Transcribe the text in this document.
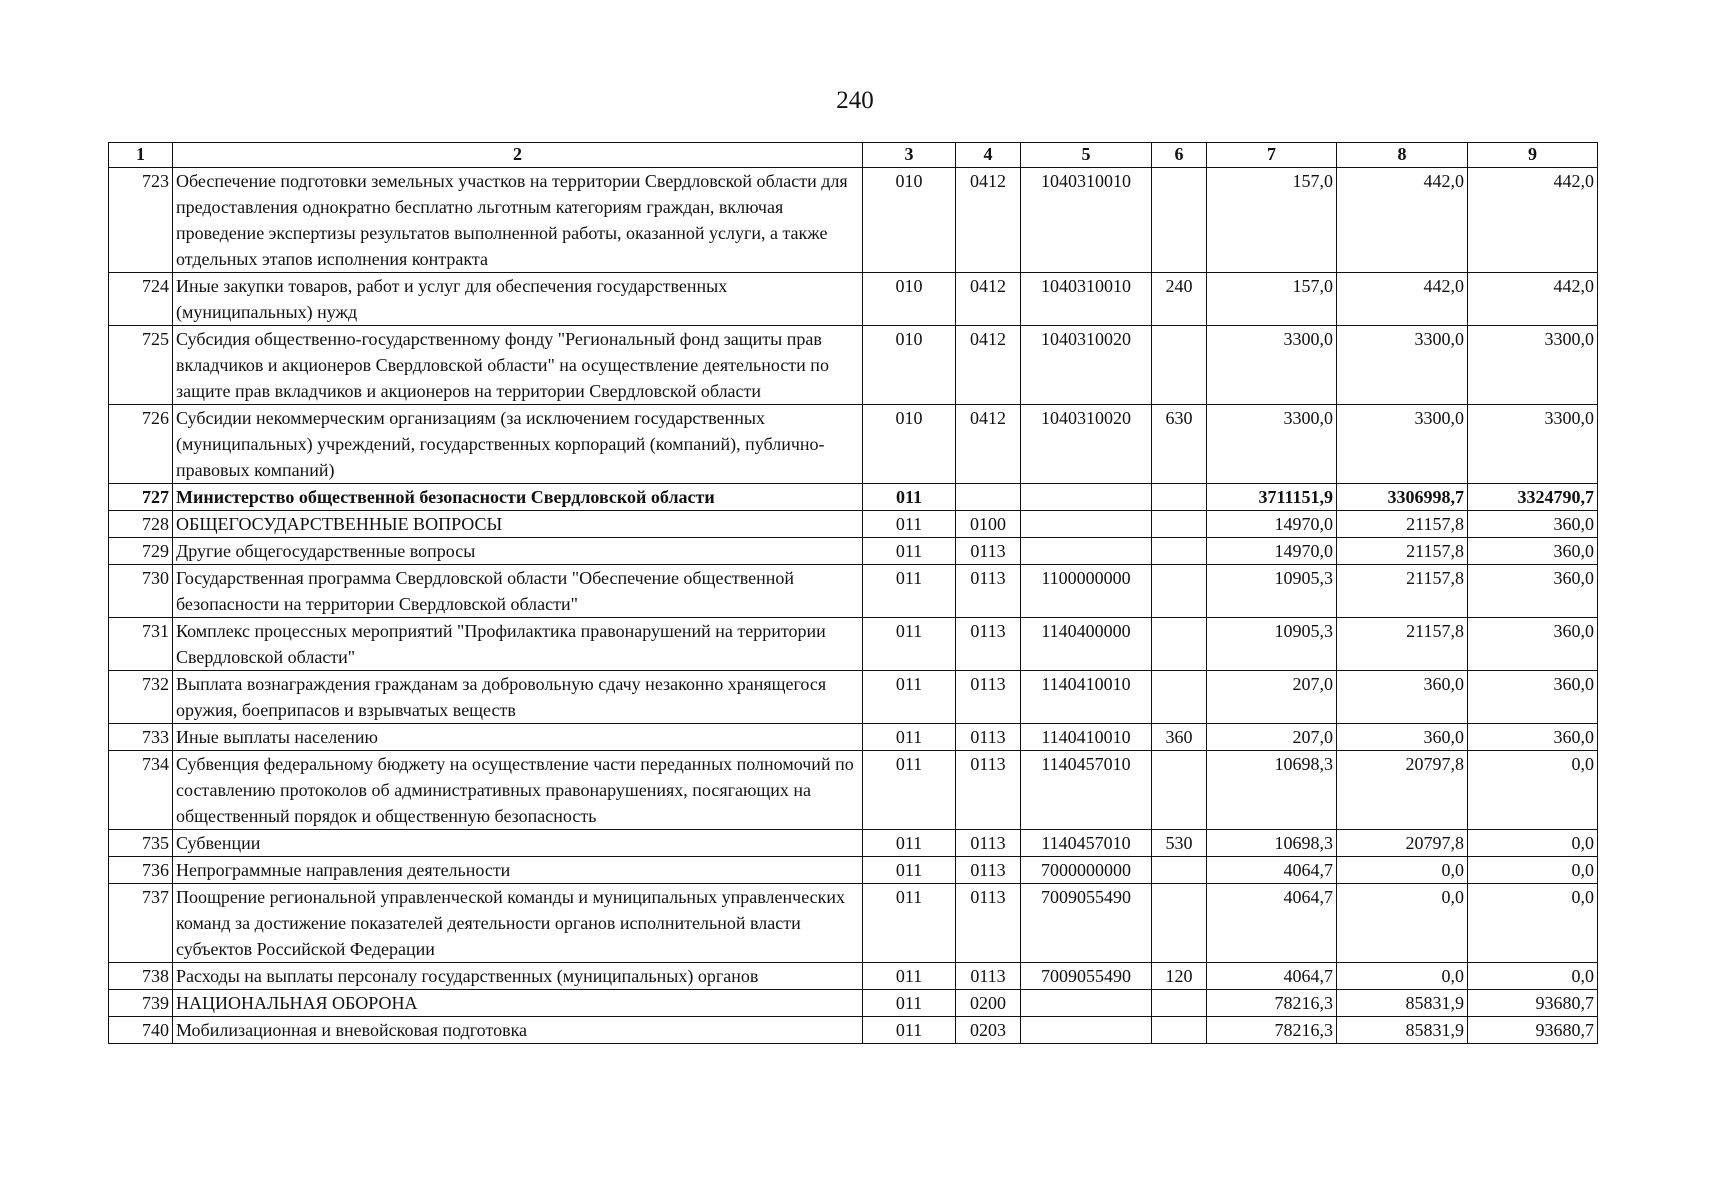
240
1	2	3	4	5	6	7	8	9
723	Обеспечение подготовки земельных участков на территории Свердловской области для предоставления однократно бесплатно льготным категориям граждан, включая проведение экспертизы результатов выполненной работы, оказанной услуги, а также отдельных этапов исполнения контракта	010	0412	1040310010		157,0	442,0	442,0
724	Иные закупки товаров, работ и услуг для обеспечения государственных (муниципальных) нужд	010	0412	1040310010	240	157,0	442,0	442,0
725	Субсидия общественно-государственному фонду "Региональный фонд защиты прав вкладчиков и акционеров Свердловской области" на осуществление деятельности по защите прав вкладчиков и акционеров на территории Свердловской области	010	0412	1040310020		3300,0	3300,0	3300,0
726	Субсидии некоммерческим организациям (за исключением государственных (муниципальных) учреждений, государственных корпораций (компаний), публично-правовых компаний)	010	0412	1040310020	630	3300,0	3300,0	3300,0
727	Министерство общественной безопасности Свердловской области	011				3711151,9	3306998,7	3324790,7
728	ОБЩЕГОСУДАРСТВЕННЫЕ ВОПРОСЫ	011	0100			14970,0	21157,8	360,0
729	Другие общегосударственные вопросы	011	0113			14970,0	21157,8	360,0
730	Государственная программа Свердловской области "Обеспечение общественной безопасности на территории Свердловской области"	011	0113	1100000000		10905,3	21157,8	360,0
731	Комплекс процессных мероприятий "Профилактика правонарушений на территории Свердловской области"	011	0113	1140400000		10905,3	21157,8	360,0
732	Выплата вознаграждения гражданам за добровольную сдачу незаконно хранящегося оружия, боеприпасов и взрывчатых веществ	011	0113	1140410010		207,0	360,0	360,0
733	Иные выплаты населению	011	0113	1140410010	360	207,0	360,0	360,0
734	Субвенция федеральному бюджету на осуществление части переданных полномочий по составлению протоколов об административных правонарушениях, посягающих на общественный порядок и общественную безопасность	011	0113	1140457010		10698,3	20797,8	0,0
735	Субвенции	011	0113	1140457010	530	10698,3	20797,8	0,0
736	Непрограммные направления деятельности	011	0113	7000000000		4064,7	0,0	0,0
737	Поощрение региональной управленческой команды и муниципальных управленческих команд за достижение показателей деятельности органов исполнительной власти субъектов Российской Федерации	011	0113	7009055490		4064,7	0,0	0,0
738	Расходы на выплаты персоналу государственных (муниципальных) органов	011	0113	7009055490	120	4064,7	0,0	0,0
739	НАЦИОНАЛЬНАЯ ОБОРОНА	011	0200			78216,3	85831,9	93680,7
740	Мобилизационная и вневойсковая подготовка	011	0203			78216,3	85831,9	93680,7
